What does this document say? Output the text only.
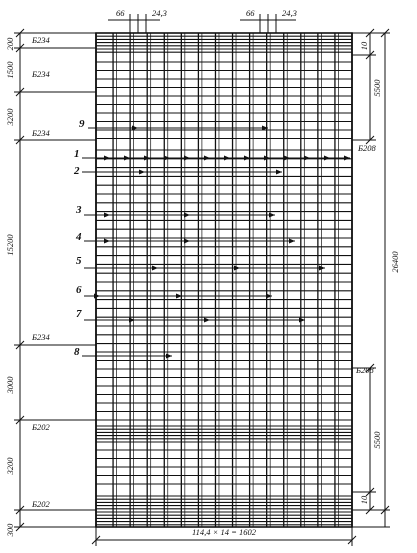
200
1500
3200
15200
3000
3200
300
Б234
Б234
Б234
Б234
Б202
Б202
10
5500
26400
5500
10
Б208
Б208
66	24,3	66	24,3
114,4 × 14 = 1602
9
1
2
3
4
5
6
7
8
